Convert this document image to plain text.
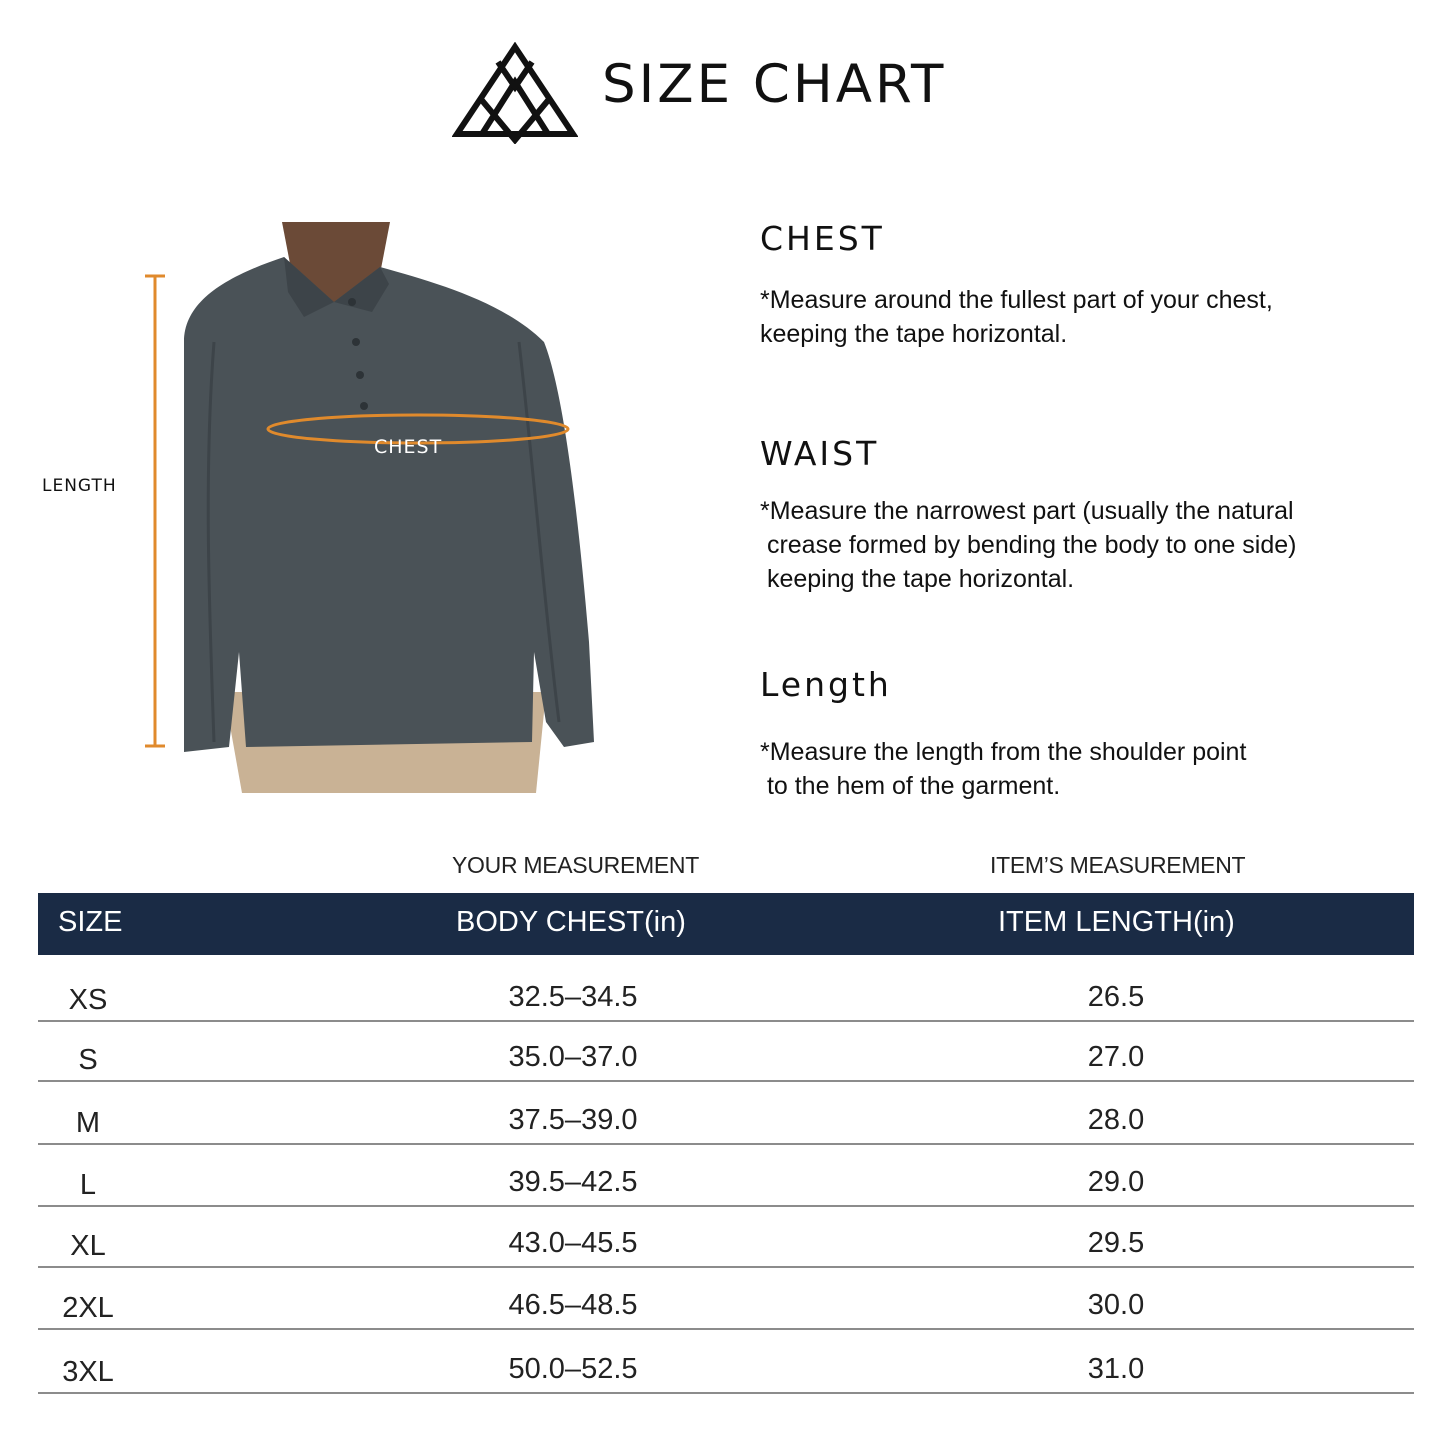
SIZE CHART
LENGTH
CHEST
CHEST
*Measure around the fullest part of your chest,
keeping the tape horizontal.
WAIST
*Measure the narrowest part (usually the natural
crease formed by bending the body to one side)
keeping the tape horizontal.
Length
*Measure the length from the shoulder point
to the hem of the garment.
YOUR MEASUREMENT	ITEM’S MEASUREMENT
SIZE	BODY CHEST(in)	ITEM LENGTH(in)
XS	32.5–34.5	26.5
S	35.0–37.0	27.0
M	37.5–39.0	28.0
L	39.5–42.5	29.0
XL	43.0–45.5	29.5
2XL	46.5–48.5	30.0
3XL	50.0–52.5	31.0
